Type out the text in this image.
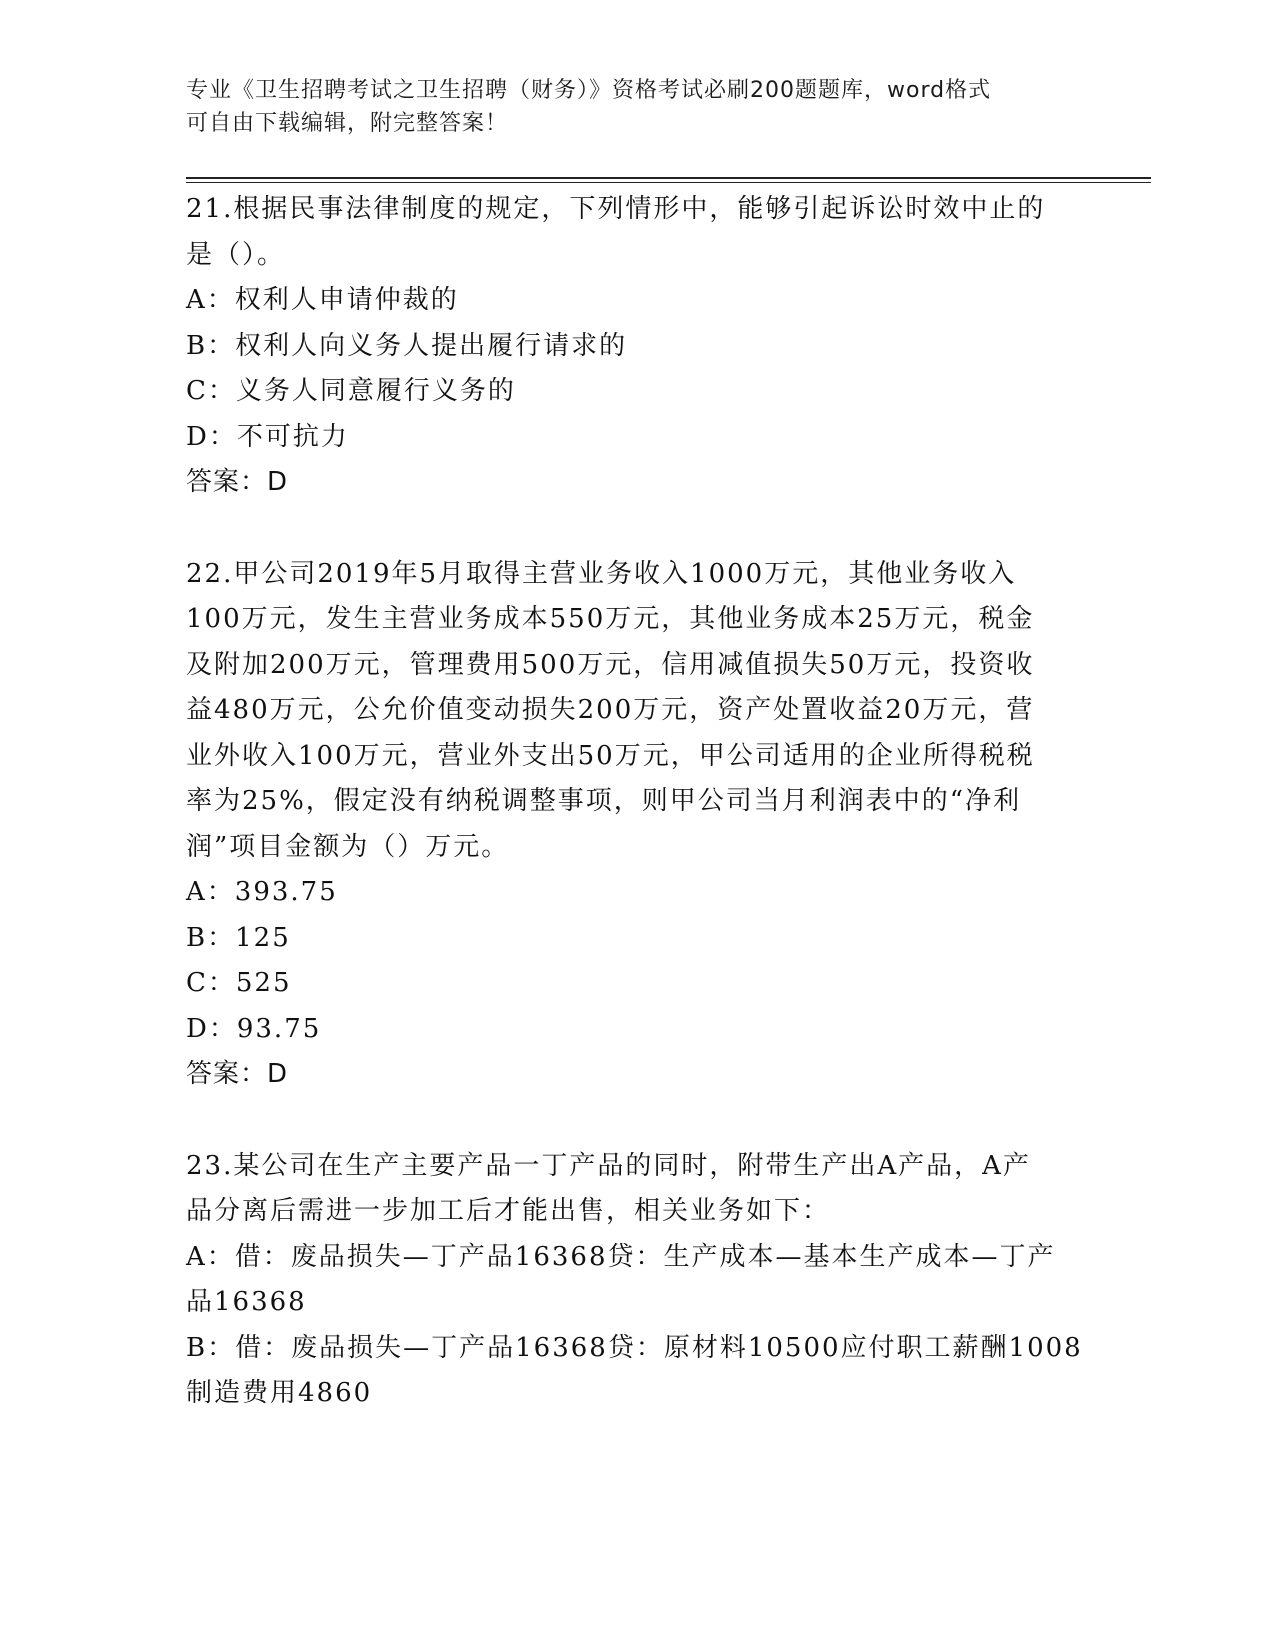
专业《卫生招聘考试之卫生招聘（财务）》资格考试必刷200题题库，word格式
可自由下载编辑，附完整答案！
21.根据民事法律制度的规定，下列情形中，能够引起诉讼时效中止的
是（）。
A：权利人申请仲裁的
B：权利人向义务人提出履行请求的
C：义务人同意履行义务的
D：不可抗力
答案：D
22.甲公司2019年5月取得主营业务收入1000万元，其他业务收入
100万元，发生主营业务成本550万元，其他业务成本25万元，税金
及附加200万元，管理费用500万元，信用减值损失50万元，投资收
益480万元，公允价值变动损失200万元，资产处置收益20万元，营
业外收入100万元，营业外支出50万元，甲公司适用的企业所得税税
率为25%，假定没有纳税调整事项，则甲公司当月利润表中的“净利
润”项目金额为（）万元。
A：393.75
B：125
C：525
D：93.75
答案：D
23.某公司在生产主要产品一丁产品的同时，附带生产出A产品，A产
品分离后需进一步加工后才能出售，相关业务如下：
A：借：废品损失—丁产品16368贷：生产成本—基本生产成本—丁产
品16368
B：借：废品损失—丁产品16368贷：原材料10500应付职工薪酬1008
制造费用4860
